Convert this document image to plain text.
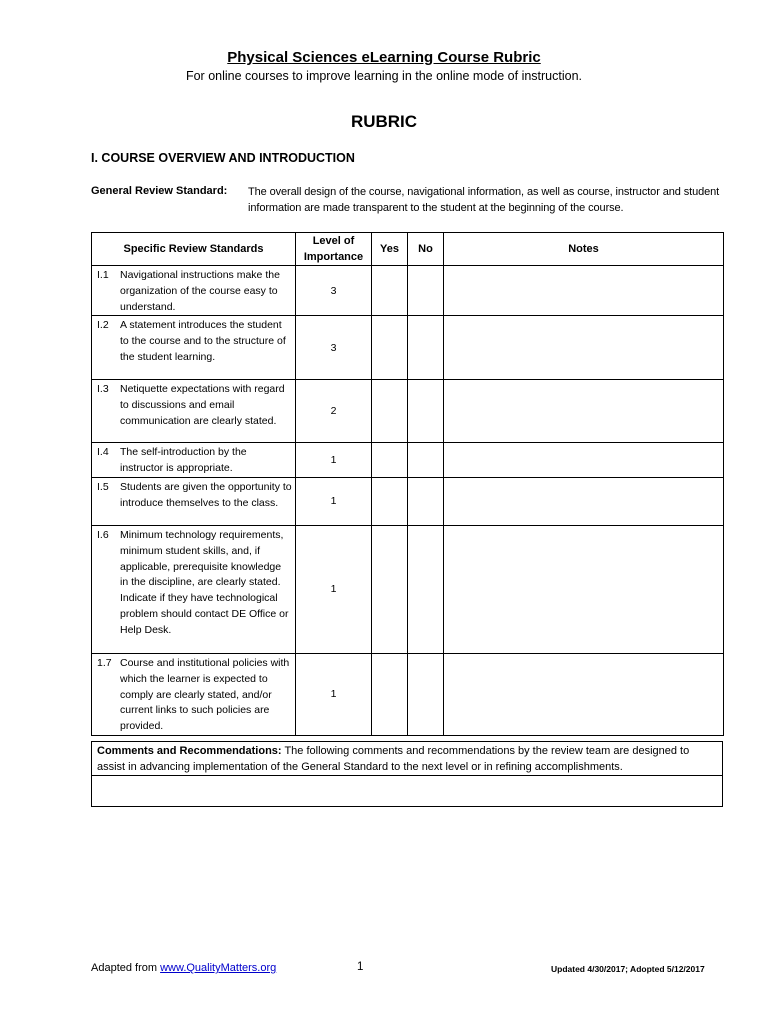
Physical Sciences eLearning Course Rubric
For online courses to improve learning in the online mode of instruction.
RUBRIC
I. COURSE OVERVIEW AND INTRODUCTION
General Review Standard: The overall design of the course, navigational information, as well as course, instructor and student information are made transparent to the student at the beginning of the course.
Specific Review Standards	Level of Importance	Yes	No	Notes

I.1 Navigational instructions make the organization of the course easy to understand.	3			

I.2 A statement introduces the student to the course and to the structure of the student learning.	3			

I.3 Netiquette expectations with regard to discussions and email communication are clearly stated.	2			

I.4 The self-introduction by the instructor is appropriate.	1			

I.5 Students are given the opportunity to introduce themselves to the class.	1			

I.6 Minimum technology requirements, minimum student skills, and, if applicable, prerequisite knowledge in the discipline, are clearly stated. Indicate if they have technological problem should contact DE Office or Help Desk.	1			

1.7 Course and institutional policies with which the learner is expected to comply are clearly stated, and/or current links to such policies are provided.	1			
Comments and Recommendations: The following comments and recommendations by the review team are designed to assist in advancing implementation of the General Standard to the next level or in refining accomplishments.
Adapted from www.QualityMatters.org	1	Updated 4/30/2017; Adopted 5/12/2017
